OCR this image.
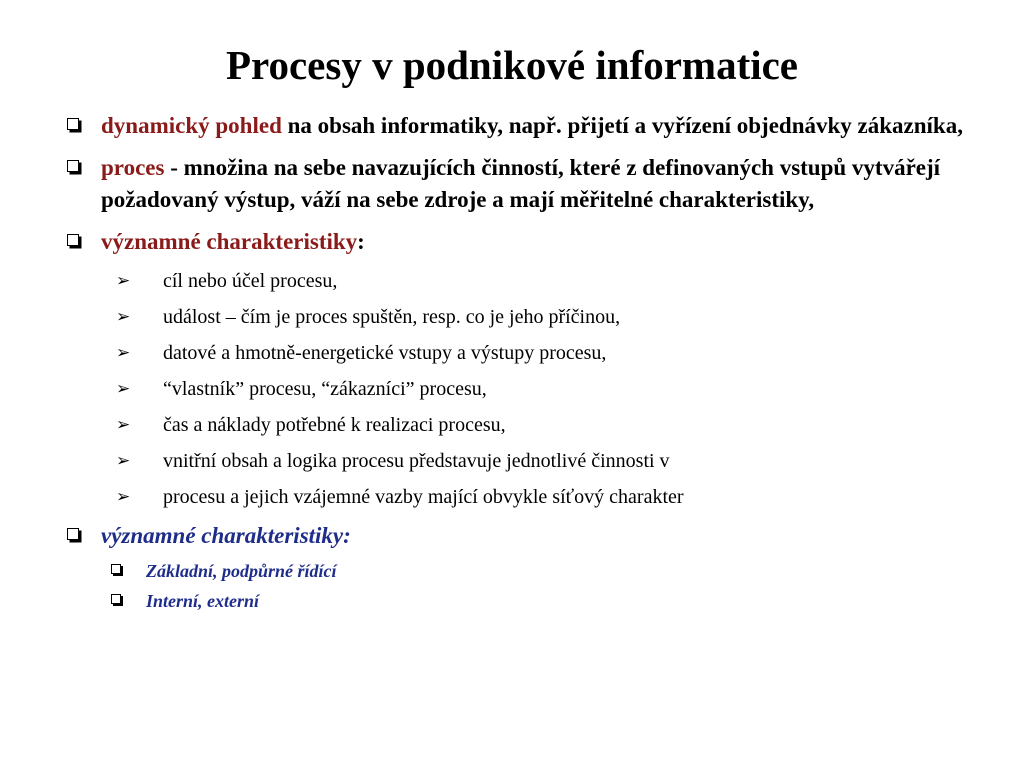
Procesy v podnikové informatice
dynamický pohled na obsah informatiky, např. přijetí a vyřízení objednávky zákazníka,
proces - množina na sebe navazujících činností, které z definovaných vstupů vytvářejí požadovaný výstup, váží na sebe zdroje a mají měřitelné charakteristiky,
významné charakteristiky:
➢ cíl nebo účel procesu,
➢ událost – čím je proces spuštěn, resp. co je jeho příčinou,
➢ datové a hmotně-energetické vstupy a výstupy procesu,
➢ “vlastník” procesu, “zákazníci” procesu,
➢ čas a náklady potřebné k realizaci procesu,
➢ vnitřní obsah a logika procesu představuje jednotlivé činnosti v
➢ procesu a jejich vzájemné vazby mající obvykle síťový charakter
významné charakteristiky:
Základní, podpůrné řídící
Interní, externí
